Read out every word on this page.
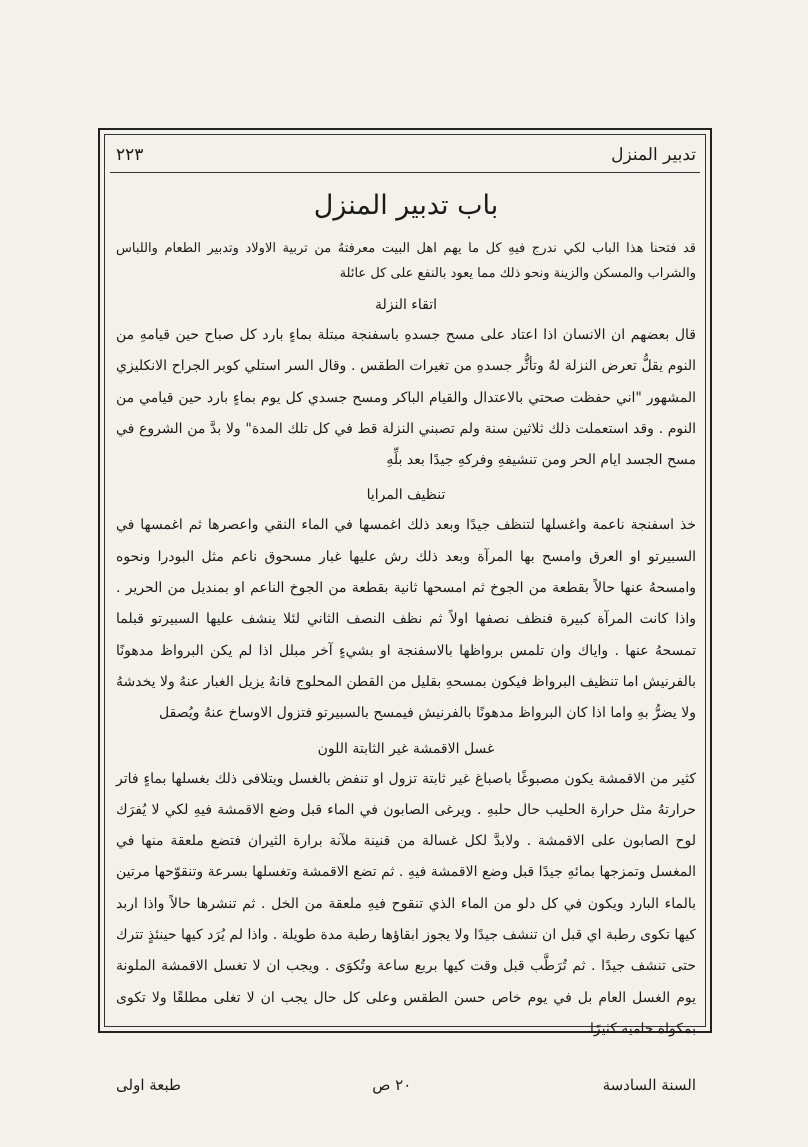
٢٢٣	تدبير المنزل
باب تدبير المنزل

قد فتحنا هذا الباب لكي ندرج فيهِ كل ما يهم اهل البيت معرفتهُ من تربية الاولاد وتدبير الطعام واللباس والشراب والمسكن والزينة ونحو ذلك مما يعود بالنفع على كل عائلة

اتقاء النزلة

قال بعضهم ان الانسان اذا اعتاد على مسح جسدهِ باسفنجة مبتلة بماءٍ بارد كل صباح حين قيامهِ من النوم يقلُّ تعرض النزلة لهُ وتأثُّر جسدهِ من تغيرات الطقس . وقال السر استلي كوبر الجراح الانكليزي المشهور "اني حفظت صحتي بالاعتدال والقيام الباكر ومسح جسدي كل يوم بماءٍ بارد حين قيامي من النوم . وقد استعملت ذلك ثلاثين سنة ولم تصبني النزلة قط في كل تلك المدة" ولا بدَّ من الشروع في مسح الجسد ايام الحر ومن تنشيفهِ وفركهِ جيدًا بعد بلِّهِ

تنظيف المرايا

خذ اسفنجة ناعمة واغسلها لتنظف جيدًا وبعد ذلك اغمسها في الماء النقي واعصرها ثم اغمسها في السبيرتو او العرق وامسح بها المرآة وبعد ذلك رش عليها غبار مسحوق ناعم مثل البودرا ونحوه وامسحهُ عنها حالاً بقطعة من الجوخ ثم امسحها ثانية بقطعة من الجوخ الناعم او بمنديل من الحرير . واذا كانت المرآة كبيرة فنظف نصفها اولاً ثم نظف النصف الثاني لئلا ينشف عليها السبيرتو قبلما تمسحهُ عنها . واياك وان تلمس برواظها بالاسفنجة او بشيءٍ آخر مبلل اذا لم يكن البرواظ مدهونًا بالفرنيش اما تنظيف البرواظ فيكون بمسحهِ بقليل من القطن المحلوج فانهُ يزيل الغبار عنهُ ولا يخدشهُ ولا يضرُّ بهِ واما اذا كان البرواظ مدهونًا بالفرنيش فيمسح بالسبيرتو فتزول الاوساخ عنهُ ويُصقل

غسل الاقمشة غير الثابتة اللون

كثير من الاقمشة يكون مصبوغًا باصباغ غير ثابتة تزول او تنفض بالغسل ويتلافى ذلك بغسلها بماءٍ فاتر حرارتهُ مثل حرارة الحليب حال حلبهِ . ويرغى الصابون في الماء قبل وضع الاقمشة فيهِ لكي لا يُفرَك لوح الصابون على الاقمشة . ولابدَّ لكل غسالة من قنينة ملآنة برارة الثيران فتضع ملعقة منها في المغسل وتمزجها بمائهِ جيدًا قبل وضع الاقمشة فيهِ . ثم تضع الاقمشة وتغسلها بسرعة وتنقوّحها مرتين بالماء البارد ويكون في كل دلو من الماء الذي تنقوح فيهِ ملعقة من الخل . ثم تنشرها حالاً واذا اربد كيها تكوى رطبة اي قبل ان تنشف جيدًا ولا يجوز ابقاؤها رطبة مدة طويلة . واذا لم يُرَد كيها حينئذٍ تترك حتى تنشف جيدًا . ثم تُرَطَّب قبل وقت كيها بربع ساعة وتُكوَى . ويجب ان لا تغسل الاقمشة الملونة يوم الغسل العام بل في يوم خاص حسن الطقس وعلى كل حال يجب ان لا تغلى مطلقًا ولا تكوى بمكواة حامية كثيرًا

السنة السادسة
٢٠ ص
طبعة اولى
